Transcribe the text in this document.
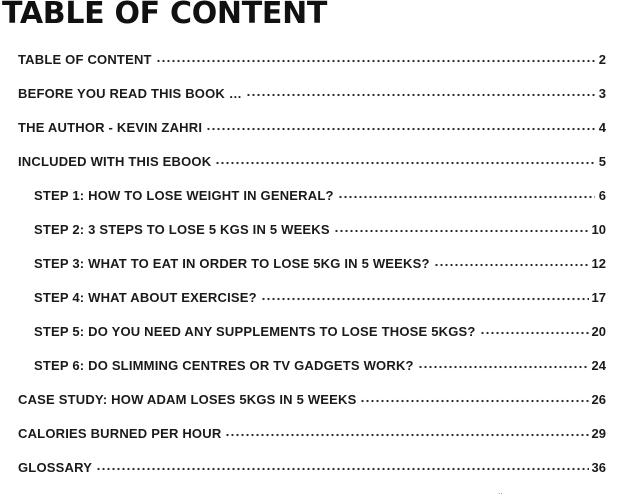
TABLE OF CONTENT
TABLE OF CONTENT	2
BEFORE YOU READ THIS BOOK …	3
THE AUTHOR - KEVIN ZAHRI	4
INCLUDED WITH THIS EBOOK	5
STEP 1: HOW TO LOSE WEIGHT IN GENERAL?	6
STEP 2: 3 STEPS TO LOSE 5 KGS IN 5 WEEKS	10
STEP 3: WHAT TO EAT IN ORDER TO LOSE 5KG IN 5 WEEKS?	12
STEP 4: WHAT ABOUT EXERCISE?	17
STEP 5: DO YOU NEED ANY SUPPLEMENTS TO LOSE THOSE 5KGS?	20
STEP 6: DO SLIMMING CENTRES OR TV GADGETS WORK?	24
CASE STUDY: HOW ADAM LOSES 5KGS IN 5 WEEKS	26
CALORIES BURNED PER HOUR	29
GLOSSARY	36
··
